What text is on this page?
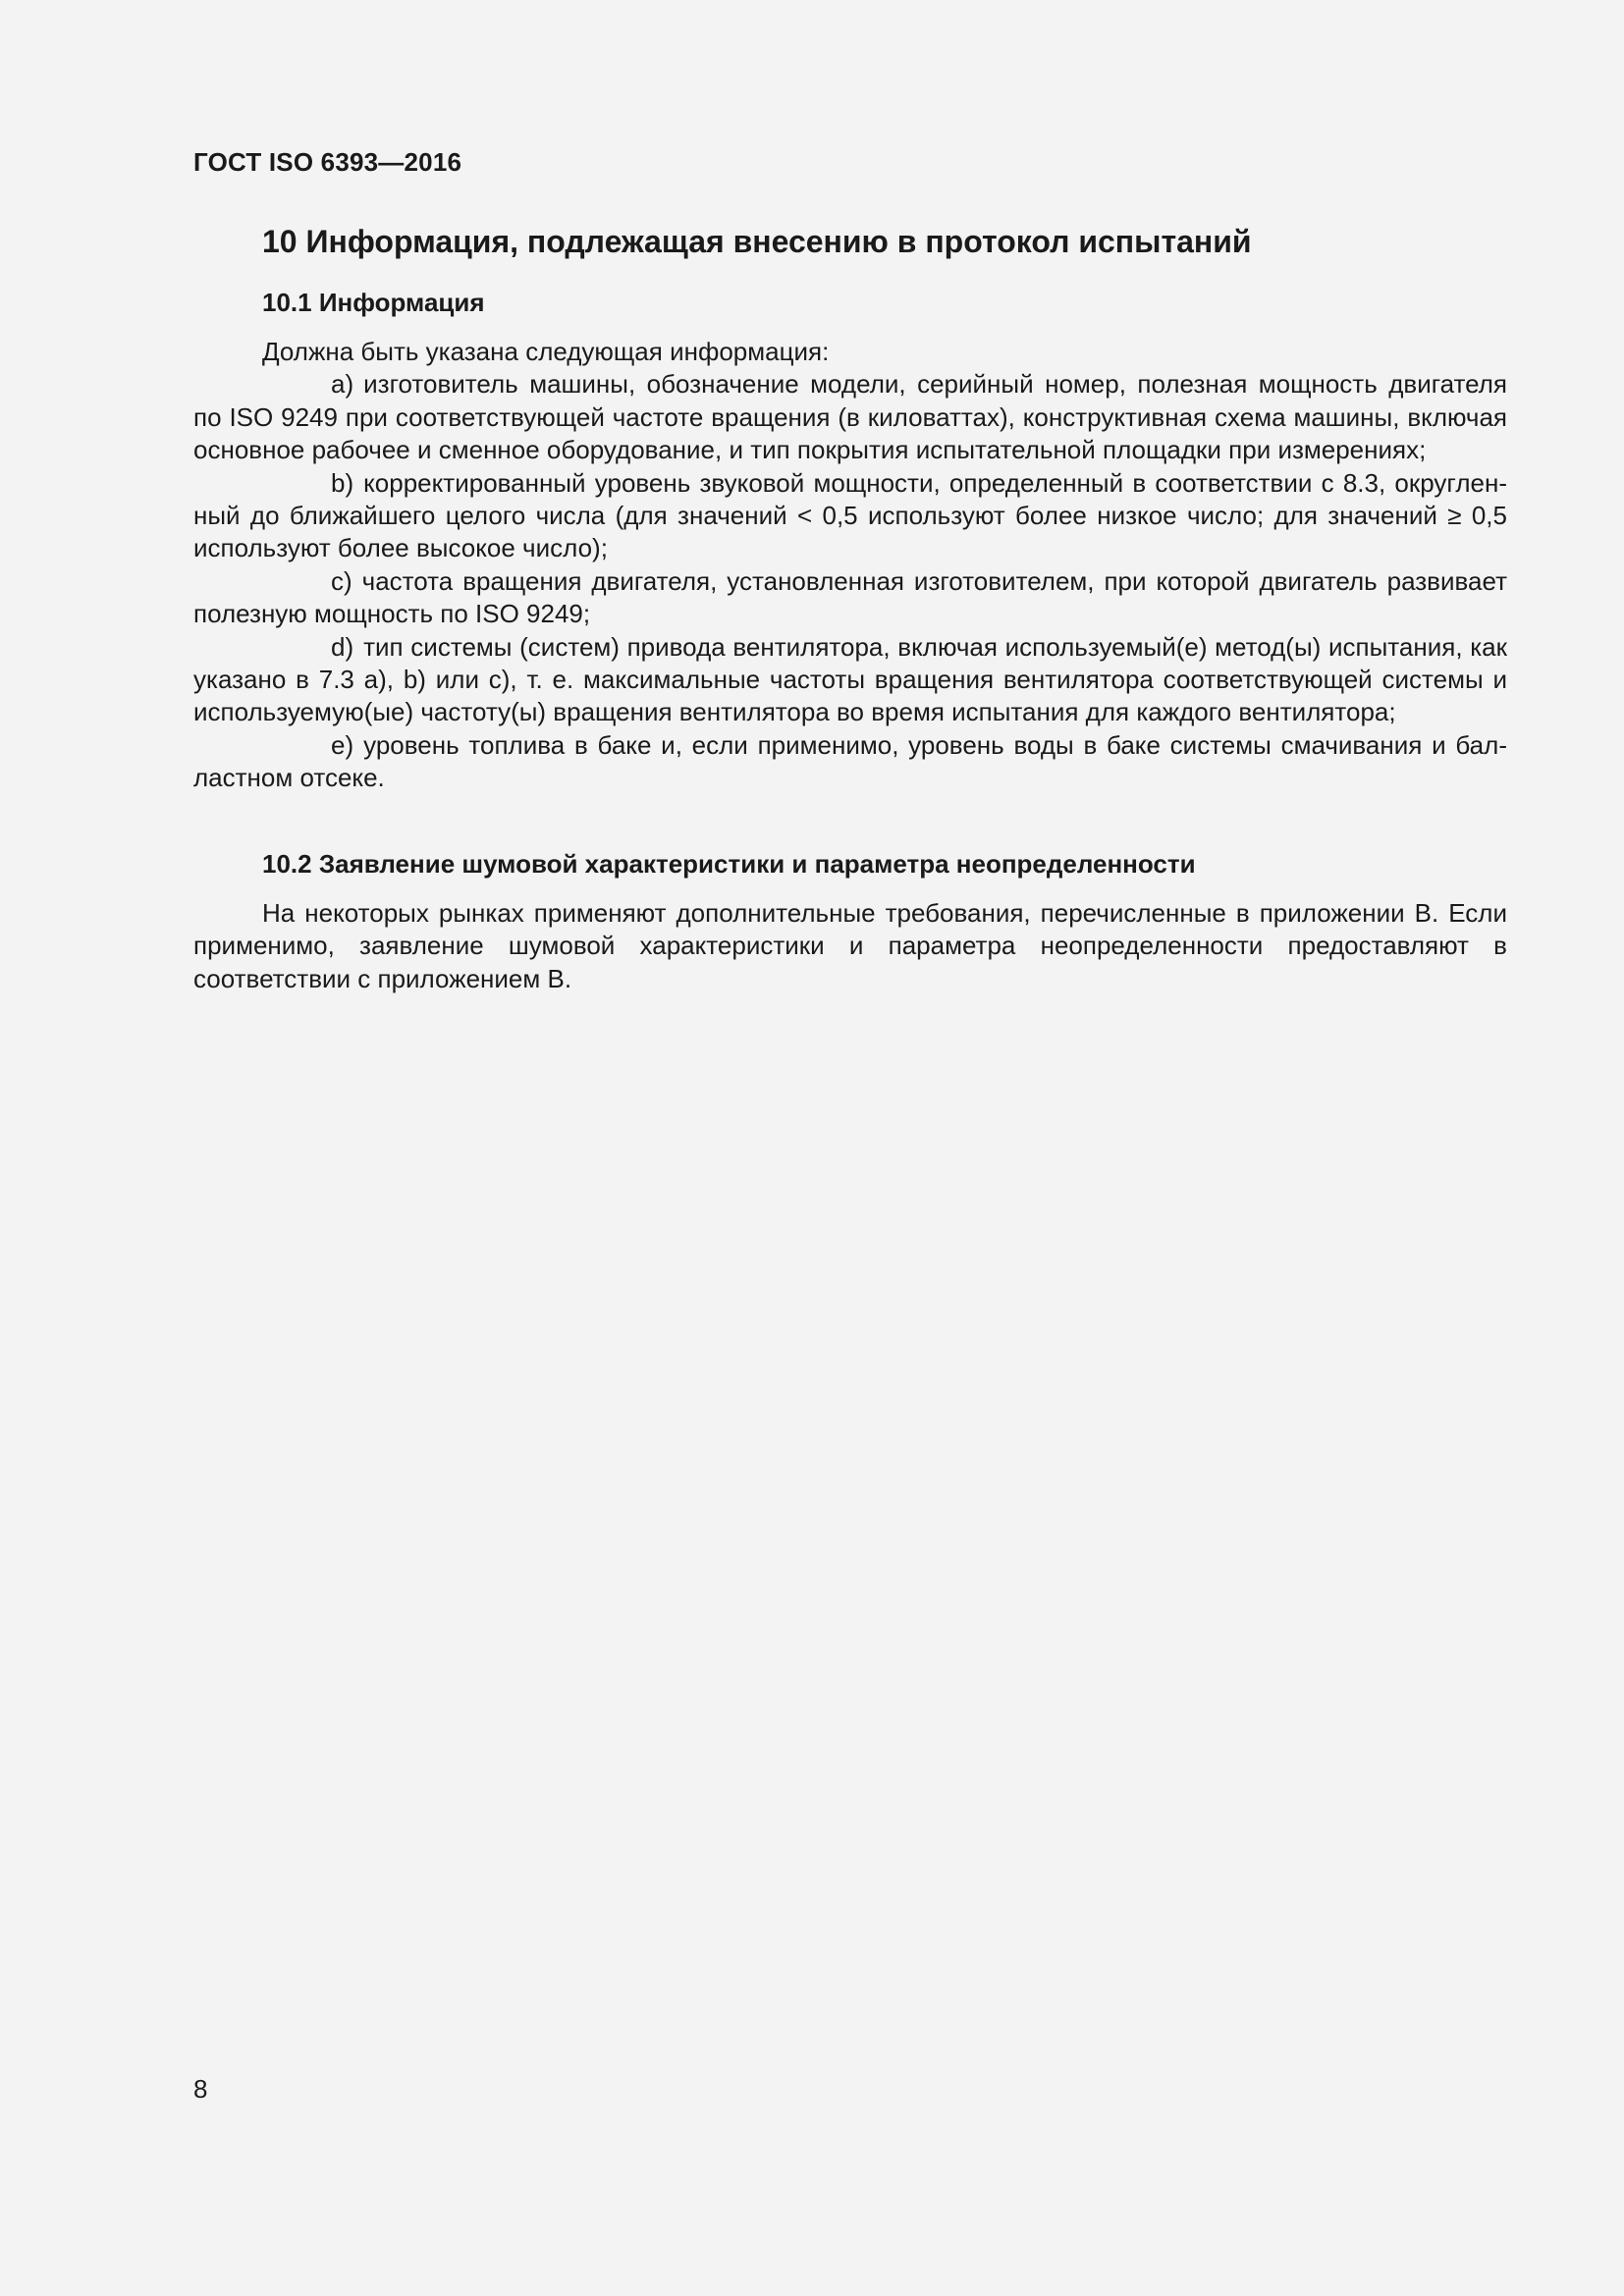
ГОСТ ISO 6393—2016
10 Информация, подлежащая внесению в протокол испытаний
10.1 Информация

Должна быть указана следующая информация:

a) изготовитель машины, обозначение модели, серийный номер, полезная мощность двигателя по ISO 9249 при соответствующей частоте вращения (в киловаттах), конструктивная схема машины, включая основное рабочее и сменное оборудование, и тип покрытия испытательной площадки при измерениях;

b) корректированный уровень звуковой мощности, определенный в соответствии с 8.3, округленный до ближайшего целого числа (для значений < 0,5 используют более низкое число; для значений ≥ 0,5 используют более высокое число);

c) частота вращения двигателя, установленная изготовителем, при которой двигатель развивает полезную мощность по ISO 9249;

d) тип системы (систем) привода вентилятора, включая используемый(е) метод(ы) испытания, как указано в 7.3 а), b) или c), т. е. максимальные частоты вращения вентилятора соответствующей системы и используемую(ые) частоту(ы) вращения вентилятора во время испытания для каждого вентилятора;

e) уровень топлива в баке и, если применимо, уровень воды в баке системы смачивания и балластном отсеке.

10.2 Заявление шумовой характеристики и параметра неопределенности

На некоторых рынках применяют дополнительные требования, перечисленные в приложении В. Если применимо, заявление шумовой характеристики и параметра неопределенности предоставляют в соответствии с приложением В.

8
